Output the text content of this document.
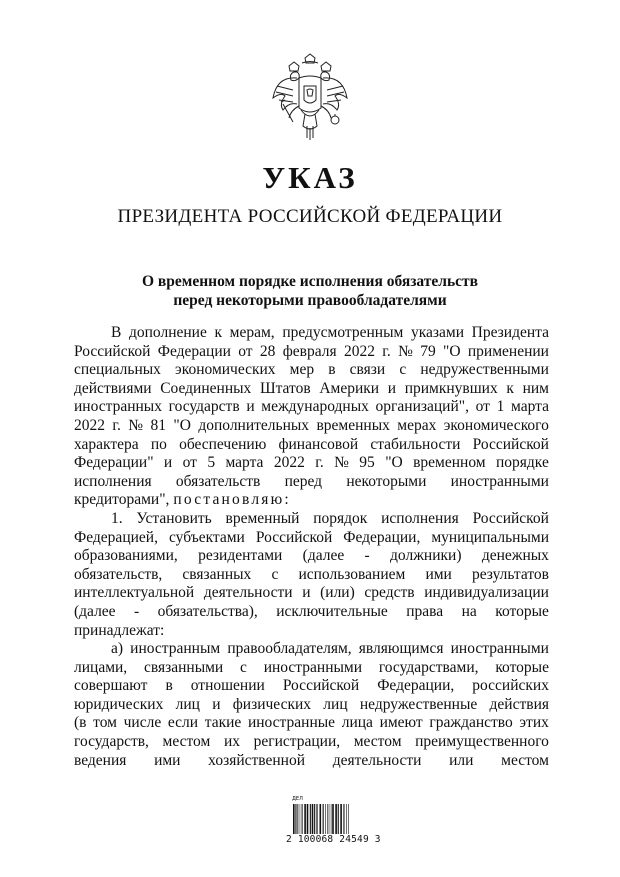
УКАЗ
ПРЕЗИДЕНТА РОССИЙСКОЙ ФЕДЕРАЦИИ
О временном порядке исполнения обязательств
перед некоторыми правообладателями
В дополнение к мерам, предусмотренным указами Президента
Российской Федерации от 28 февраля 2022 г. № 79 "О применении
специальных экономических мер в связи с недружественными
действиями Соединенных Штатов Америки и примкнувших к ним
иностранных государств и международных организаций", от 1 марта
2022 г. № 81 "О дополнительных временных мерах экономического
характера по обеспечению финансовой стабильности Российской
Федерации" и от 5 марта 2022 г. № 95 "О временном порядке
исполнения обязательств перед некоторыми иностранными
кредиторами", постановляю:
1. Установить временный порядок исполнения Российской
Федерацией, субъектами Российской Федерации, муниципальными
образованиями, резидентами (далее - должники) денежных
обязательств, связанных с использованием ими результатов
интеллектуальной деятельности и (или) средств индивидуализации
(далее - обязательства), исключительные права на которые
принадлежат:
а) иностранным правообладателям, являющимся иностранными
лицами, связанными с иностранными государствами, которые
совершают в отношении Российской Федерации, российских
юридических лиц и физических лиц недружественные действия
(в том числе если такие иностранные лица имеют гражданство этих
государств, местом их регистрации, местом преимущественного
ведения ими хозяйственной деятельности или местом
ДЕЛ
2 100068 24549 3
